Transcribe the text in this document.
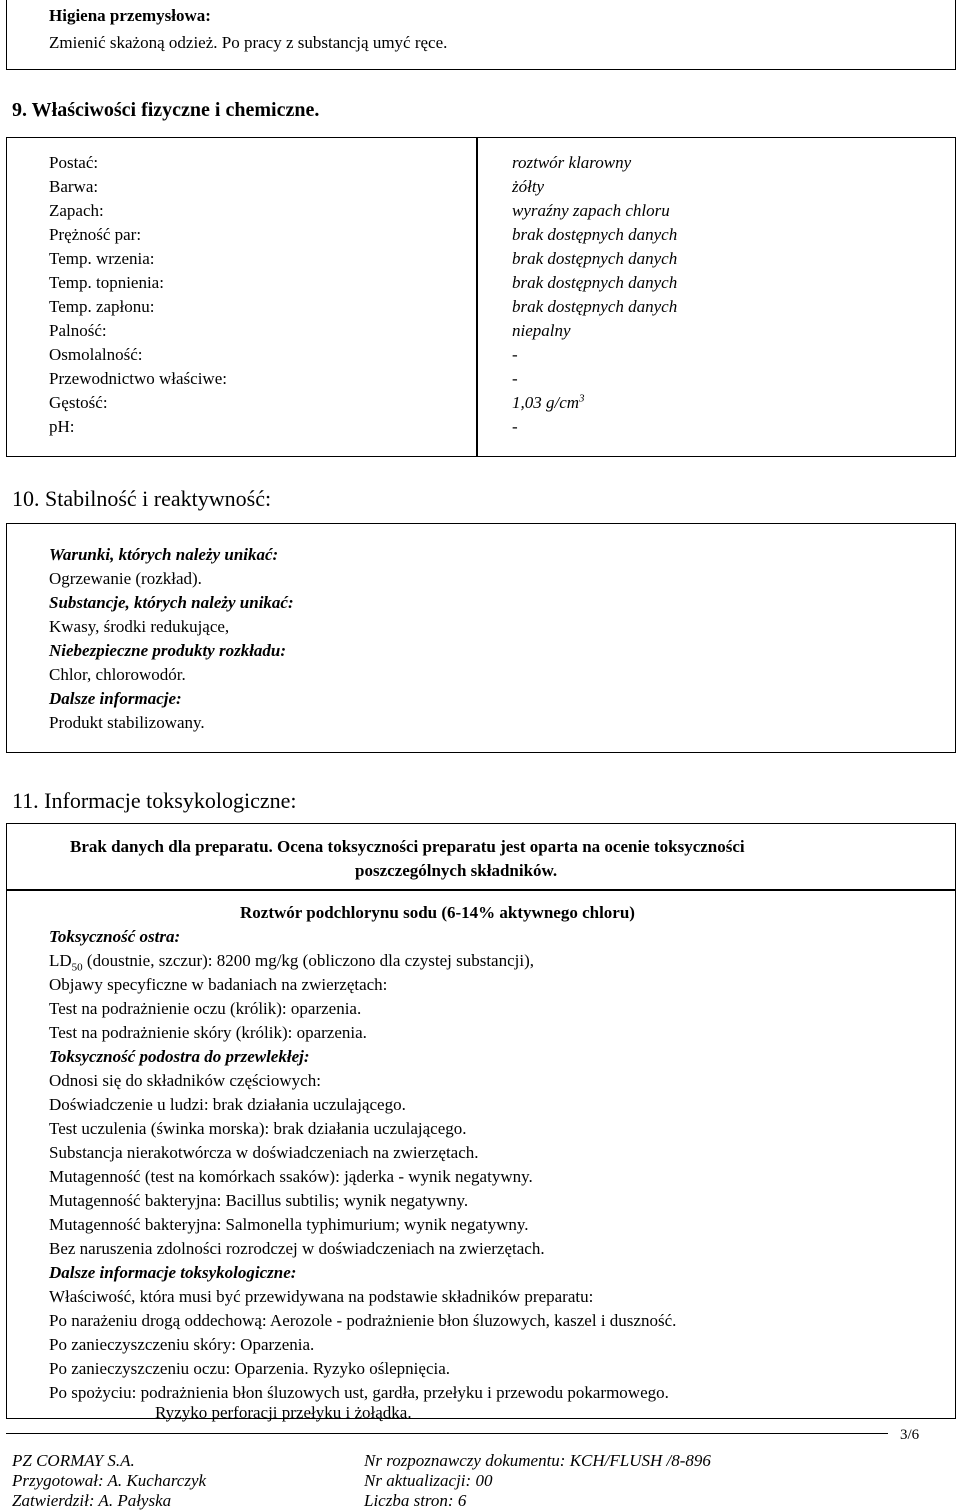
Higiena przemysłowa:
Zmienić skażoną odzież. Po pracy z substancją umyć ręce.
9. Właściwości fizyczne i chemiczne.
Postać:	roztwór klarowny
Barwa:	żółty
Zapach:	wyraźny zapach chloru
Prężność par:	brak dostępnych danych
Temp. wrzenia:	brak dostępnych danych
Temp. topnienia:	brak dostępnych danych
Temp. zapłonu:	brak dostępnych danych
Palność:	niepalny
Osmolalność:	-
Przewodnictwo właściwe:	-
Gęstość:	1,03 $g/cm^3$
pH:	-
10. Stabilność i reaktywność:
Warunki, których należy unikać:
Ogrzewanie (rozkład).
Substancje, których należy unikać:
Kwasy, środki redukujące,
Niebezpieczne produkty rozkładu:
Chlor, chlorowodór.
Dalsze informacje:
Produkt stabilizowany.
11. Informacje toksykologiczne:
Brak danych dla preparatu. Ocena toksyczności preparatu jest oparta na ocenie toksyczności
poszczególnych składników.
Roztwór podchlorynu sodu (6-14% aktywnego chloru)
Toksyczność ostra:
$LD_{50}$ (doustnie, szczur): 8200 mg/kg (obliczono dla czystej substancji),
Objawy specyficzne w badaniach na zwierzętach:
Test na podrażnienie oczu (królik): oparzenia.
Test na podrażnienie skóry (królik): oparzenia.
Toksyczność podostra do przewlekłej:
Odnosi się do składników częściowych:
Doświadczenie u ludzi: brak działania uczulającego.
Test uczulenia (świnka morska): brak działania uczulającego.
Substancja nierakotwórcza w doświadczeniach na zwierzętach.
Mutagenność (test na komórkach ssaków): jąderka - wynik negatywny.
Mutagenność bakteryjna: Bacillus subtilis; wynik negatywny.
Mutagenność bakteryjna: Salmonella typhimurium; wynik negatywny.
Bez naruszenia zdolności rozrodczej w doświadczeniach na zwierzętach.
Dalsze informacje toksykologiczne:
Właściwość, która musi być przewidywana na podstawie składników preparatu:
Po narażeniu drogą oddechową: Aerozole - podrażnienie błon śluzowych, kaszel i duszność.
Po zanieczyszczeniu skóry: Oparzenia.
Po zanieczyszczeniu oczu: Oparzenia. Ryzyko oślepnięcia.
Po spożyciu: podrażnienia błon śluzowych ust, gardła, przełyku i przewodu pokarmowego.
Ryzyko perforacji przełyku i żołądka.
3/6
PZ CORMAY S.A.
Przygotował: A. Kucharczyk
Zatwierdził: A. Pałyska
Nr rozpoznawczy dokumentu: KCH/FLUSH /8-896
Nr aktualizacji: 00
Liczba stron: 6
